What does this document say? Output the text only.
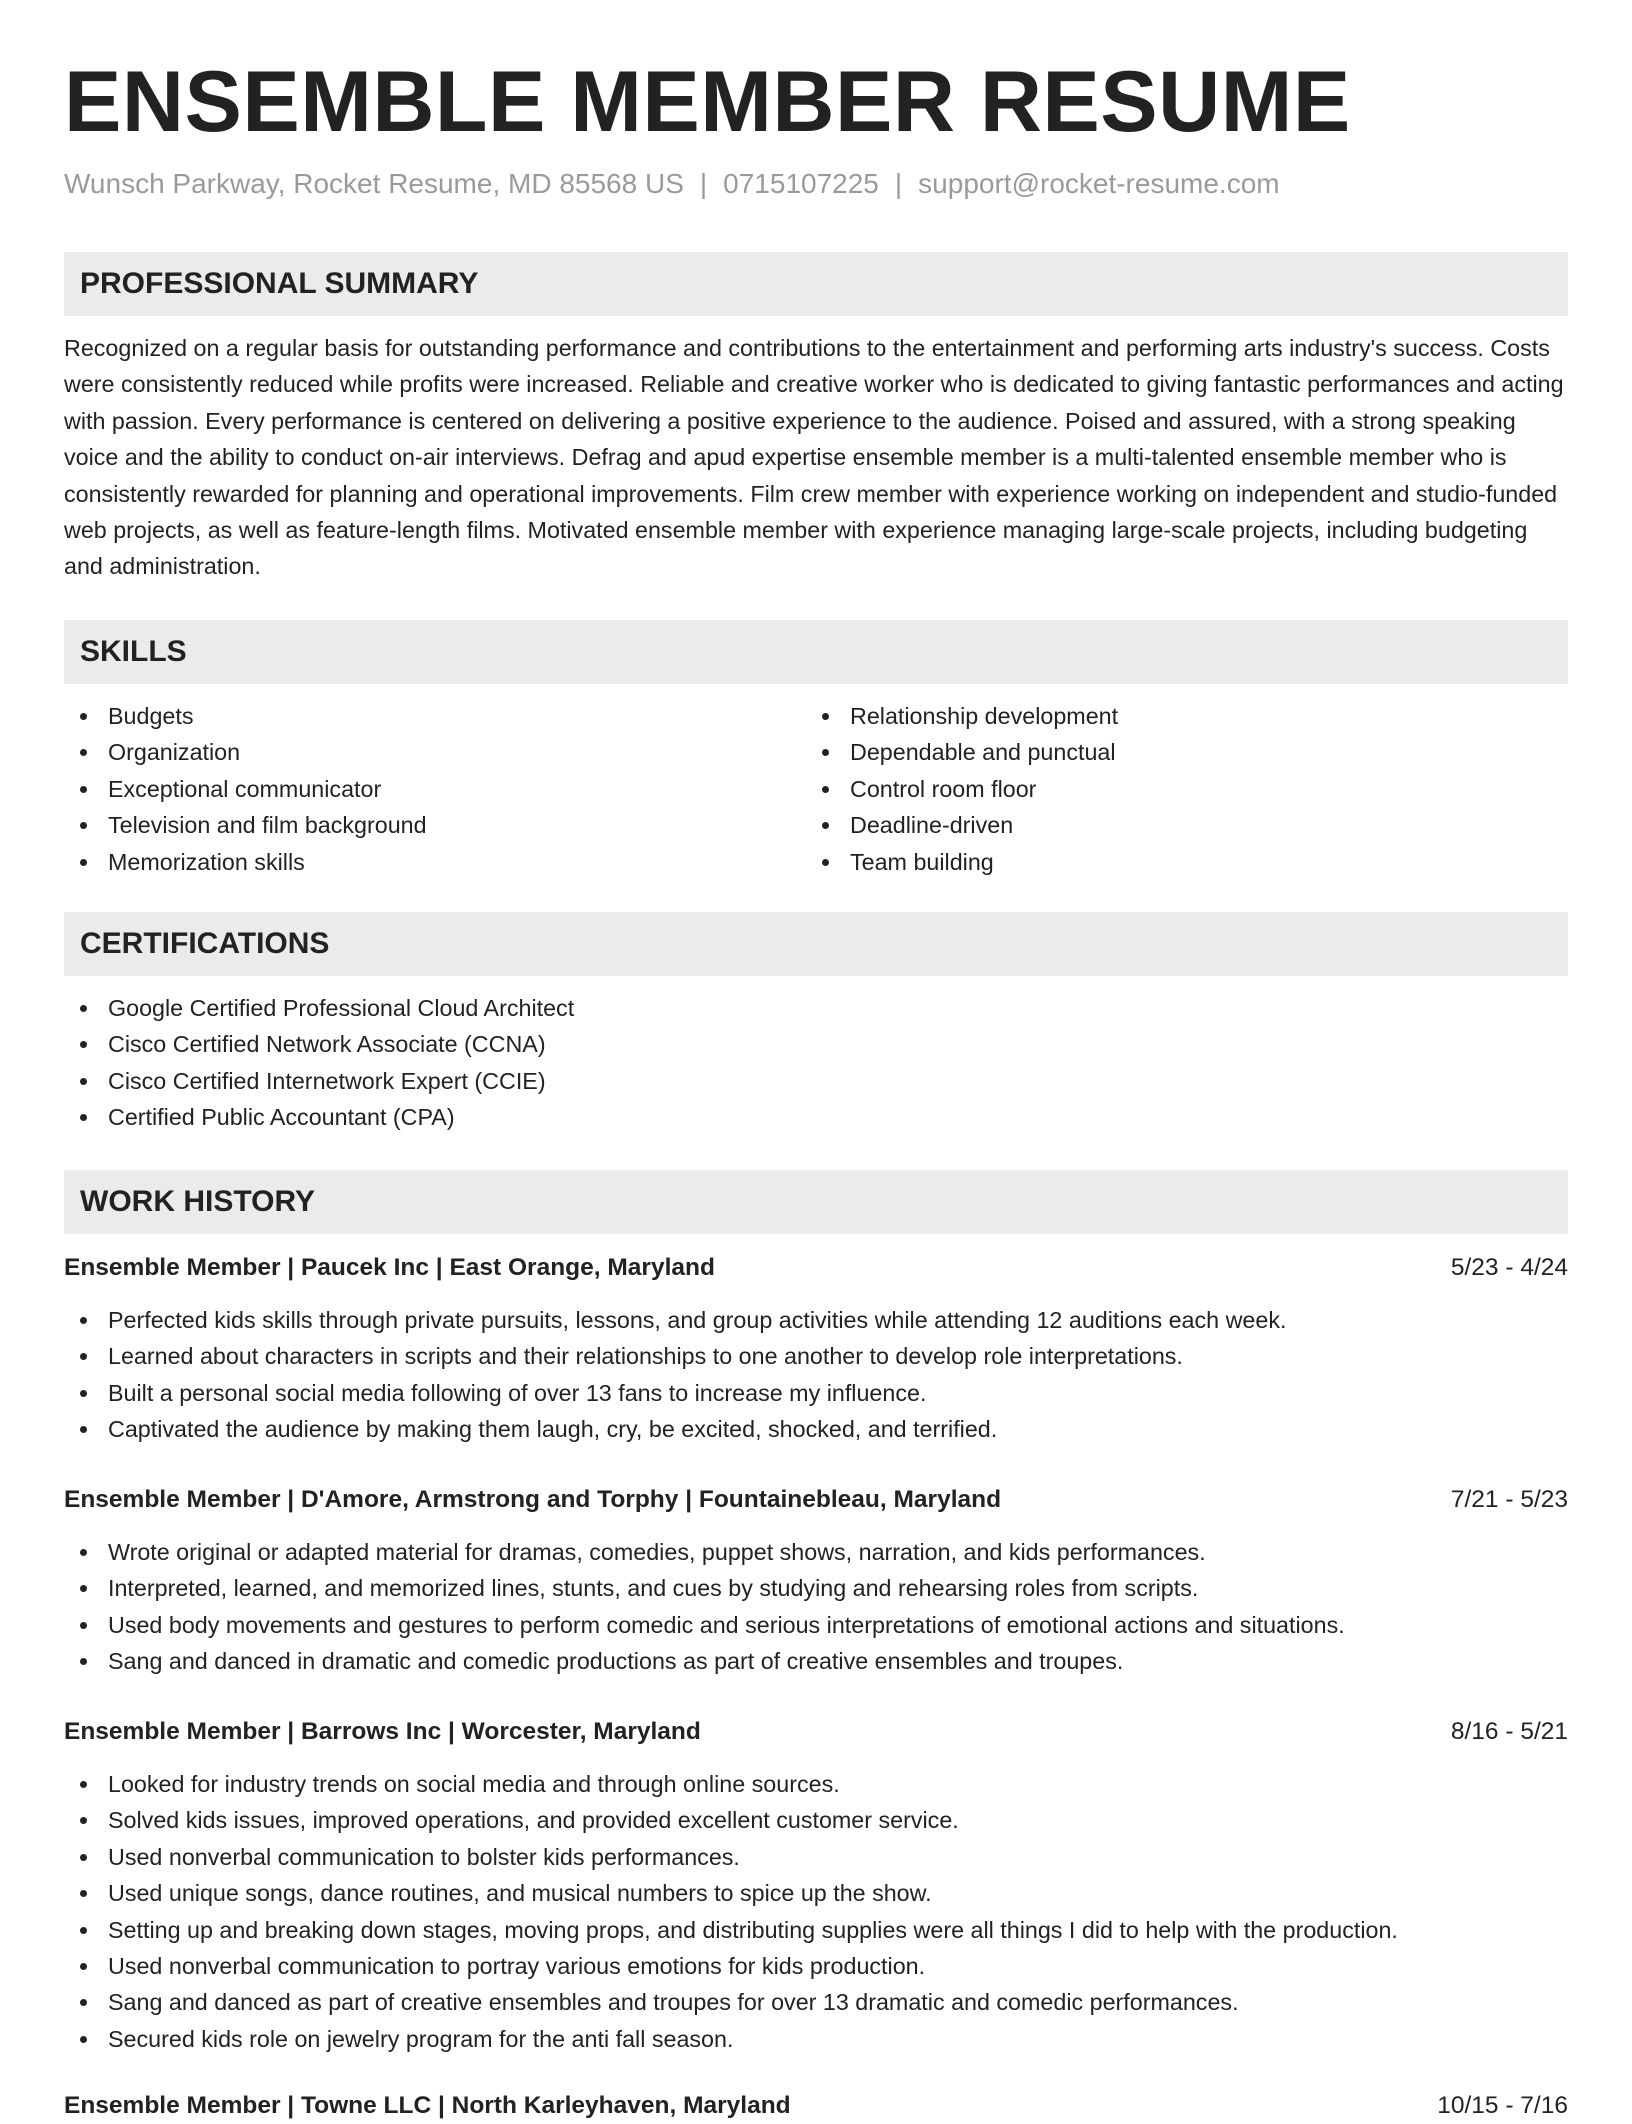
ENSEMBLE MEMBER RESUME
Wunsch Parkway, Rocket Resume, MD 85568 US | 0715107225 | support@rocket-resume.com
PROFESSIONAL SUMMARY

Recognized on a regular basis for outstanding performance and contributions to the entertainment and performing arts industry's success. Costs were consistently reduced while profits were increased. Reliable and creative worker who is dedicated to giving fantastic performances and acting with passion. Every performance is centered on delivering a positive experience to the audience. Poised and assured, with a strong speaking voice and the ability to conduct on-air interviews. Defrag and apud expertise ensemble member is a multi-talented ensemble member who is consistently rewarded for planning and operational improvements. Film crew member with experience working on independent and studio-funded web projects, as well as feature-length films. Motivated ensemble member with experience managing large-scale projects, including budgeting and administration.

SKILLS
Budgets
Organization
Exceptional communicator
Television and film background
Memorization skills
Relationship development
Dependable and punctual
Control room floor
Deadline-driven
Team building
CERTIFICATIONS
Google Certified Professional Cloud Architect
Cisco Certified Network Associate (CCNA)
Cisco Certified Internetwork Expert (CCIE)
Certified Public Accountant (CPA)
WORK HISTORY
Ensemble Member | Paucek Inc | East Orange, Maryland	5/23 - 4/24
Perfected kids skills through private pursuits, lessons, and group activities while attending 12 auditions each week.
Learned about characters in scripts and their relationships to one another to develop role interpretations.
Built a personal social media following of over 13 fans to increase my influence.
Captivated the audience by making them laugh, cry, be excited, shocked, and terrified.
Ensemble Member | D'Amore, Armstrong and Torphy | Fountainebleau, Maryland	7/21 - 5/23
Wrote original or adapted material for dramas, comedies, puppet shows, narration, and kids performances.
Interpreted, learned, and memorized lines, stunts, and cues by studying and rehearsing roles from scripts.
Used body movements and gestures to perform comedic and serious interpretations of emotional actions and situations.
Sang and danced in dramatic and comedic productions as part of creative ensembles and troupes.
Ensemble Member | Barrows Inc | Worcester, Maryland	8/16 - 5/21
Looked for industry trends on social media and through online sources.
Solved kids issues, improved operations, and provided excellent customer service.
Used nonverbal communication to bolster kids performances.
Used unique songs, dance routines, and musical numbers to spice up the show.
Setting up and breaking down stages, moving props, and distributing supplies were all things I did to help with the production.
Used nonverbal communication to portray various emotions for kids production.
Sang and danced as part of creative ensembles and troupes for over 13 dramatic and comedic performances.
Secured kids role on jewelry program for the anti fall season.
Ensemble Member | Towne LLC | North Karleyhaven, Maryland	10/15 - 7/16
